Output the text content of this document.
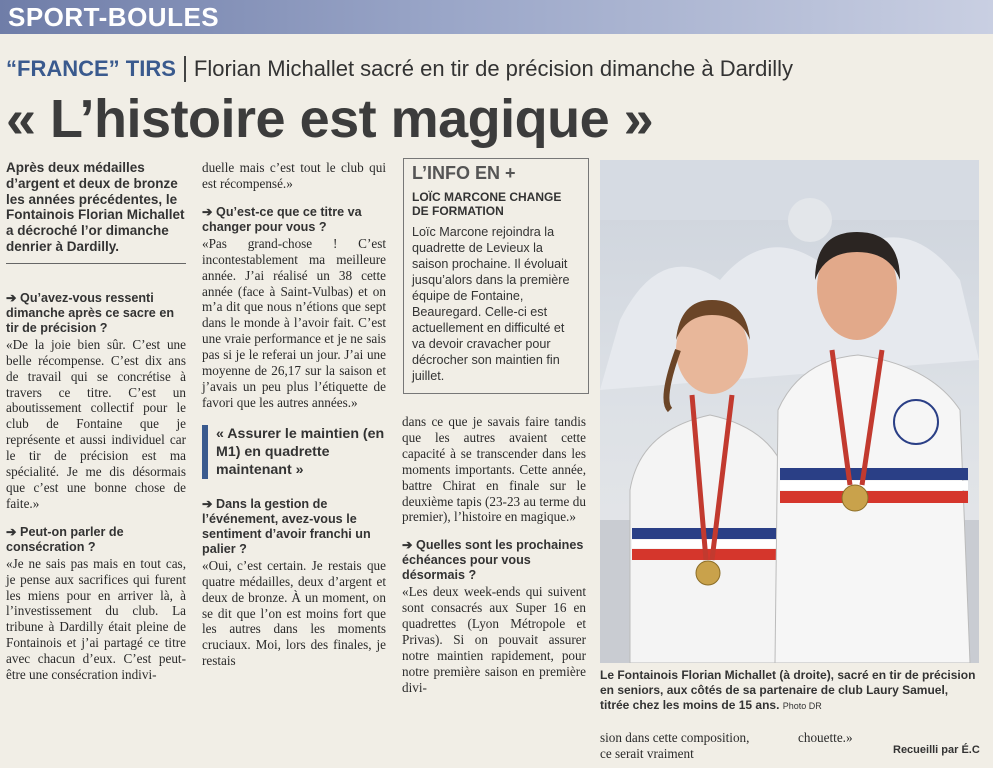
SPORT-BOULES
“FRANCE” TIRS Florian Michallet sacré en tir de précision dimanche à Dardilly
« L’histoire est magique »
Après deux médailles d’argent et deux de bronze les années précédentes, le Fontainois Florian Michallet a décroché l’or dimanche denrier à Dardilly.
➔ Qu’avez-vous ressenti dimanche après ce sacre en tir de précision ?

«De la joie bien sûr. C’est une belle récompense. C’est dix ans de travail qui se concrétise à travers ce titre. C’est un aboutissement collectif pour le club de Fontaine que je représente et aussi individuel car le tir de précision est ma spécialité. Je me dis désormais que c’est une bonne chose de faite.»

➔ Peut-on parler de consécration ?

«Je ne sais pas mais en tout cas, je pense aux sacrifices qui furent les miens pour en arriver là, à l’investissement du club. La tribune à Dardilly était pleine de Fontainois et j’ai partagé ce titre avec chacun d’eux. C’est peut-être une consécration indivi-

duelle mais c’est tout le club qui est récompensé.»

➔ Qu’est-ce que ce titre va changer pour vous ?

«Pas grand-chose ! C’est incontestablement ma meilleure année. J’ai réalisé un 38 cette année (face à Saint-Vulbas) et on m’a dit que nous n’étions que sept dans le monde à l’avoir fait. C’est une vraie performance et je ne sais pas si je le referai un jour. J’ai une moyenne de 26,17 sur la saison et j’avais un peu plus l’étiquette de favori que les autres années.»

« Assurer le maintien (en M1) en quadrette maintenant »
➔ Dans la gestion de l’événement, avez-vous le sentiment d’avoir franchi un palier ?

«Oui, c’est certain. Je restais que quatre médailles, deux d’argent et deux de bronze. À un moment, on se dit que l’on est moins fort que les autres dans les moments cruciaux. Moi, lors des finales, je restais

L’INFO EN +
LOÏC MARCONE CHANGE DE FORMATION
Loïc Marcone rejoindra la quadrette de Levieux la saison prochaine. Il évoluait jusqu’alors dans la première équipe de Fontaine, Beauregard. Celle-ci est actuellement en difficulté et va devoir cravacher pour décrocher son maintien fin juillet.

dans ce que je savais faire tandis que les autres avaient cette capacité à se transcender dans les moments importants. Cette année, battre Chirat en finale sur le deuxième tapis (23-23 au terme du premier), l’histoire en magique.»

➔ Quelles sont les prochaines échéances pour vous désormais ?

«Les deux week-ends qui suivent sont consacrés aux Super 16 en quadrettes (Lyon Métropole et Privas). Si on pouvait assurer notre maintien rapidement, pour notre première saison en première divi-

Le Fontainois Florian Michallet (à droite), sacré en tir de précision en seniors, aux côtés de sa partenaire de club Laury Samuel, titrée chez les moins de 15 ans. Photo DR
sion dans cette composition, ce serait vraiment
chouette.»
Recueilli par É.C
